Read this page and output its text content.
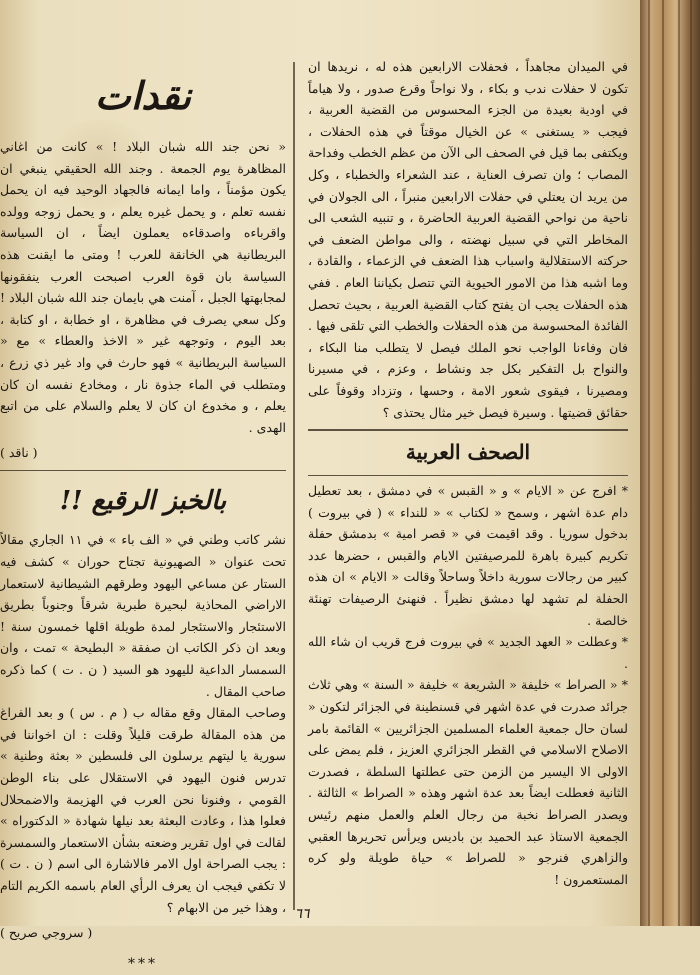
في الميدان مجاهداً ، فحفلات الارابعين هذه له ، نريدها ان تكون لا حفلات ندب و بكاء ، ولا نواحاً وقرع صدور ، ولا هياماً في اودية بعيدة من الجزء المحسوس من القضية العربية ، فيجب « يستغنى » عن الخيال موقتاً في هذه الحفلات ، ويكتفى بما قيل في الصحف الى الآن من عظم الخطب وفداحة المصاب ؛ وان تصرف العناية ، عند الشعراء والخطباء ، وكل من يريد ان يعتلي في حفلات الارابعين منبراً ، الى الجولان في ناحية من نواحي القضية العربية الحاضرة ، و تنبيه الشعب الى المخاطر التي في سبيل نهضته ، والى مواطن الضعف في حركته الاستقلالية واسباب هذا الضعف في الزعماء ، والقادة ، وما اشبه هذا من الامور الحيوية التي تتصل بكياننا العام . ففي هذه الحفلات يجب ان يفتح كتاب القضية العربية ، بحيث تحصل الفائدة المحسوسة من هذه الحفلات والخطب التي تلقى فيها . فان وفاءنا الواجب نحو الملك فيصل لا يتطلب منا البكاء ، والنواح بل التفكير بكل جد ونشاط ، وعزم ، في مسيرنا ومصيرنا ، فيقوى شعور الامة ، وحسها ، وتزداد وقوفاً على حقائق قضيتها . وسيرة فيصل خير مثال يحتذى ؟

الصحف العربية

* افرج عن « الايام » و « القبس » في دمشق ، بعد تعطيل دام عدة اشهر ، وسمح « لكتاب » « للنداء » ( في بيروت ) بدخول سوريا . وقد اقيمت في « قصر امية » بدمشق حفلة تكريم كبيرة باهرة للمرصيفتين الايام والقبس ، حضرها عدد كبير من رجالات سورية داخلاً وساحلاً وقالت « الايام » ان هذه الحفلة لم تشهد لها دمشق نظيراً . فنهنئ الرصيفات تهنئة خالصة .

* وعطلت « العهد الجديد » في بيروت فرج قريب ان شاء الله .

* « الصراط » خليفة « الشريعة » خليفة « السنة » وهي ثلاث جرائد صدرت في عدة اشهر في قسنطينة في الجزائر لتكون « لسان حال جمعية العلماء المسلمين الجزائريين » القائمة بامر الاصلاح الاسلامي في القطر الجزائري العزيز ، فلم يمض على الاولى الا اليسير من الزمن حتى عطلتها السلطة ، فصدرت الثانية فعطلت ايضاً بعد عدة اشهر وهذه « الصراط » الثالثة . ويصدر الصراط نخبة من رجال العلم والعمل منهم رئيس الجمعية الاستاذ عبد الحميد بن باديس ويرأس تحريرها العقبي والزاهري فنرجو « للصراط » حياة طويلة ولو كره المستعمرون !

نقدات

« نحن جند الله شبان البلاد ! » كانت من اغاني المظاهرة يوم الجمعة . وجند الله الحقيقي ينبغي ان يكون مؤمناً ، واما ايمانه فالجهاد الوحيد فيه ان يحمل نفسه تعلم ، و يحمل غيره يعلم ، و يحمل زوجه وولده واقرباءه واصدقاءه يعملون ايضاً ، ان السياسة البريطانية هي الخانقة للعرب ! ومتى ما ايقنت هذه السياسة بان قوة العرب اصبحت العرب ينفقونها لمجابهتها الجبل ، آمنت هي بايمان جند الله شبان البلاد ! وكل سعي يصرف في مظاهرة ، او خطابة ، او كتابة ، بعد اليوم ، وتوجهه غير « الاخذ والعطاء » مع « السياسة البريطانية » فهو حارث في واد غير ذي زرع ، ومتطلب في الماء جذوة نار ، ومخادع نفسه ان كان يعلم ، و مخدوع ان كان لا يعلم والسلام على من اتبع الهدى .

( ناقد )
بالخبز الرقيع !!

نشر كاتب وطني في « الف باء » في ١١ الجاري مقالاً تحت عنوان « الصهيونية تجتاح حوران » كشف فيه الستار عن مساعي اليهود وطرقهم الشيطانية لاستعمار الاراضي المحاذية لبحيرة طبرية شرقاً وجنوباً بطريق الاستئجار والاستئجار لمدة طويلة اقلها خمسون سنة ! وبعد ان ذكر الكاتب ان صفقة « البطيحة » تمت ، وان السمسار الداعية لليهود هو السيد ( ن . ت ) كما ذكره صاحب المقال .

وصاحب المقال وقع مقاله ب ( م . س ) و بعد الفراغ من هذه المقالة طرقت قليلاً وقلت : ان اخواننا في سورية يا ليتهم يرسلون الى فلسطين « بعثة وطنية » تدرس فنون اليهود في الاستقلال على بناء الوطن القومي ، وفنونا نحن العرب في الهزيمة والاضمحلال فعلوا هذا ، وعادت البعثة بعد نيلها شهادة « الدكتوراه » لقالت في اول تقرير وضعته بشأن الاستعمار والسمسرة : يجب الصراحة اول الامر فالاشارة الى اسم ( ن . ت ) لا تكفي فيجب ان يعرف الرأي العام باسمه الكريم التام ، وهذا خير من الابهام ؟

( سروجي صريح )
***
٦٦
